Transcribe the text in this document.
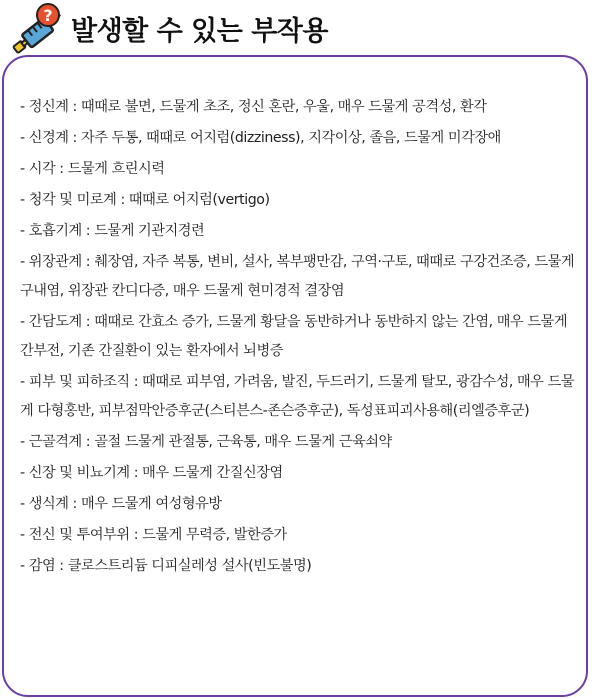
?
발생할 수 있는 부작용
- 정신계 : 때때로 불면, 드물게 초조, 정신 혼란, 우울, 매우 드물게 공격성, 환각
- 신경계 : 자주 두통, 때때로 어지럼(dizziness), 지각이상, 졸음, 드물게 미각장애
- 시각 : 드물게 흐린시력
- 청각 및 미로계 : 때때로 어지럼(vertigo)
- 호흡기계 : 드물게 기관지경련
- 위장관계 : 췌장염, 자주 복통, 변비, 설사, 복부팽만감, 구역·구토, 때때로 구강건조증, 드물게 구내염, 위장관 칸디다증, 매우 드물게 현미경적 결장염
- 간담도계 : 때때로 간효소 증가, 드물게 황달을 동반하거나 동반하지 않는 간염, 매우 드물게 간부전, 기존 간질환이 있는 환자에서 뇌병증
- 피부 및 피하조직 : 때때로 피부염, 가려움, 발진, 두드러기, 드물게 탈모, 광감수성, 매우 드물게 다형홍반, 피부점막안증후군(스티븐스-존슨증후군), 독성표피괴사용해(리엘증후군)
- 근골격계 : 골절 드물게 관절통, 근육통, 매우 드물게 근육쇠약
- 신장 및 비뇨기계 : 매우 드물게 간질신장염
- 생식계 : 매우 드물게 여성형유방
- 전신 및 투여부위 : 드물게 무력증, 발한증가
- 감염 : 클로스트리듐 디피실레성 설사(빈도불명)
